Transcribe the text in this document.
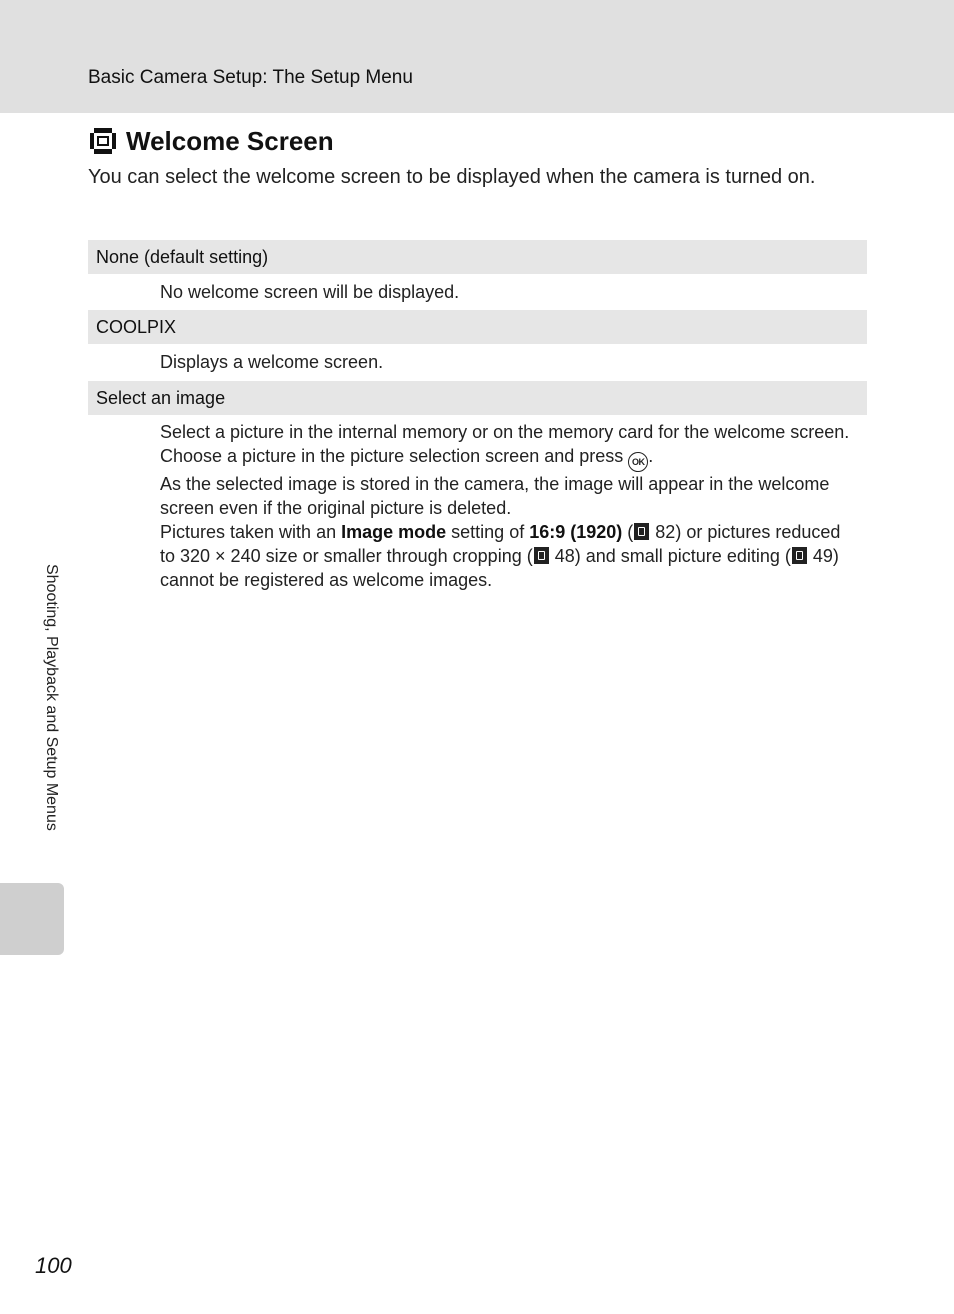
Basic Camera Setup: The Setup Menu
Welcome Screen
You can select the welcome screen to be displayed when the camera is turned on.
None (default setting)
No welcome screen will be displayed.
COOLPIX
Displays a welcome screen.
Select an image

Select a picture in the internal memory or on the memory card for the welcome screen. Choose a picture in the picture selection screen and press OK .

As the selected image is stored in the camera, the image will appear in the welcome screen even if the original picture is deleted.

Pictures taken with an Image mode setting of 16:9 (1920) ( 82) or pictures reduced to 320 × 240 size or smaller through cropping ( 48) and small picture editing ( 49) cannot be registered as welcome images.

Shooting, Playback and Setup Menus
100
